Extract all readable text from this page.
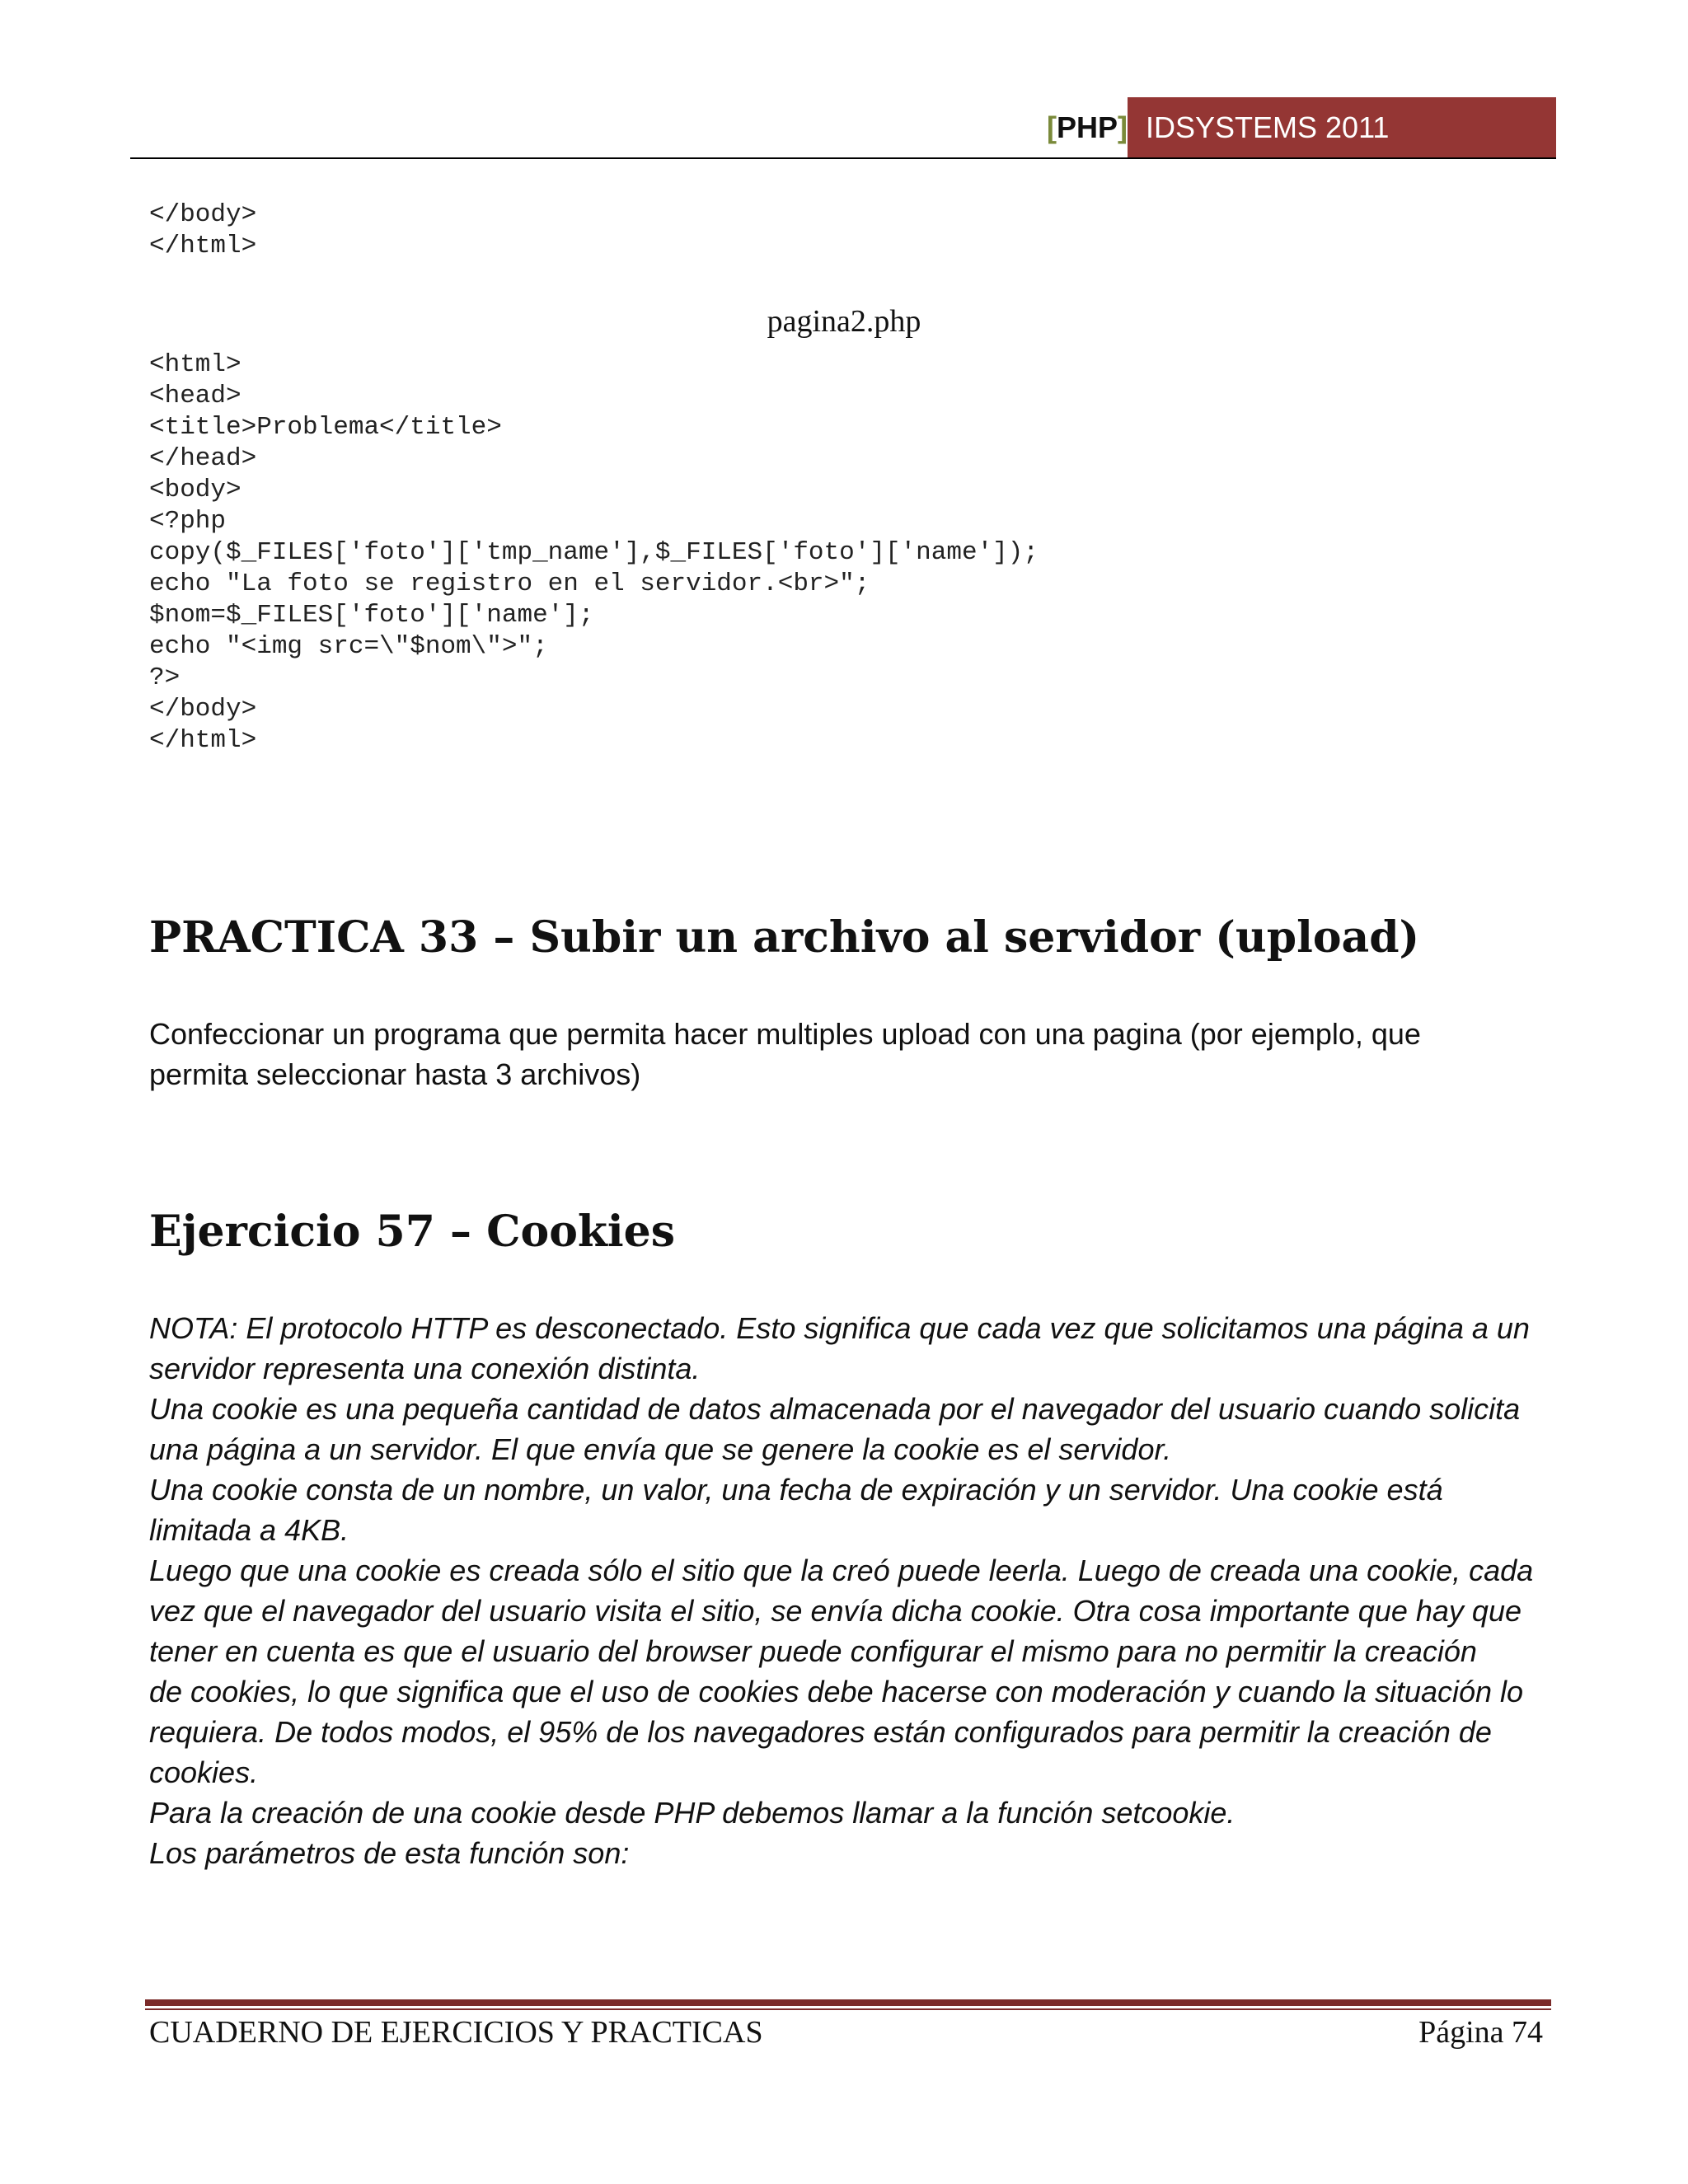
[PHP] IDSYSTEMS 2011
</body>
</html>
pagina2.php
<html>
<head>
<title>Problema</title>
</head>
<body>
<?php
copy($_FILES['foto']['tmp_name'],$_FILES['foto']['name']);
echo "La foto se registro en el servidor.<br>";
$nom=$_FILES['foto']['name'];
echo "<img src=\"$nom\">";
?>
</body>
</html>
PRACTICA 33 – Subir un archivo al servidor (upload)

Confeccionar un programa que permita hacer multiples upload con una pagina (por ejemplo, que
permita seleccionar hasta 3 archivos)

Ejercicio 57 – Cookies

NOTA: El protocolo HTTP es desconectado. Esto significa que cada vez que solicitamos una página a un
servidor representa una conexión distinta.
Una cookie es una pequeña cantidad de datos almacenada por el navegador del usuario cuando solicita
una página a un servidor. El que envía que se genere la cookie es el servidor.
Una cookie consta de un nombre, un valor, una fecha de expiración y un servidor. Una cookie está
limitada a 4KB.
Luego que una cookie es creada sólo el sitio que la creó puede leerla. Luego de creada una cookie, cada
vez que el navegador del usuario visita el sitio, se envía dicha cookie. Otra cosa importante que hay que
tener en cuenta es que el usuario del browser puede configurar el mismo para no permitir la creación
de cookies, lo que significa que el uso de cookies debe hacerse con moderación y cuando la situación lo
requiera. De todos modos, el 95% de los navegadores están configurados para permitir la creación de
cookies.
Para la creación de una cookie desde PHP debemos llamar a la función setcookie.
Los parámetros de esta función son:

CUADERNO DE EJERCICIOS Y PRACTICAS	Página 74
